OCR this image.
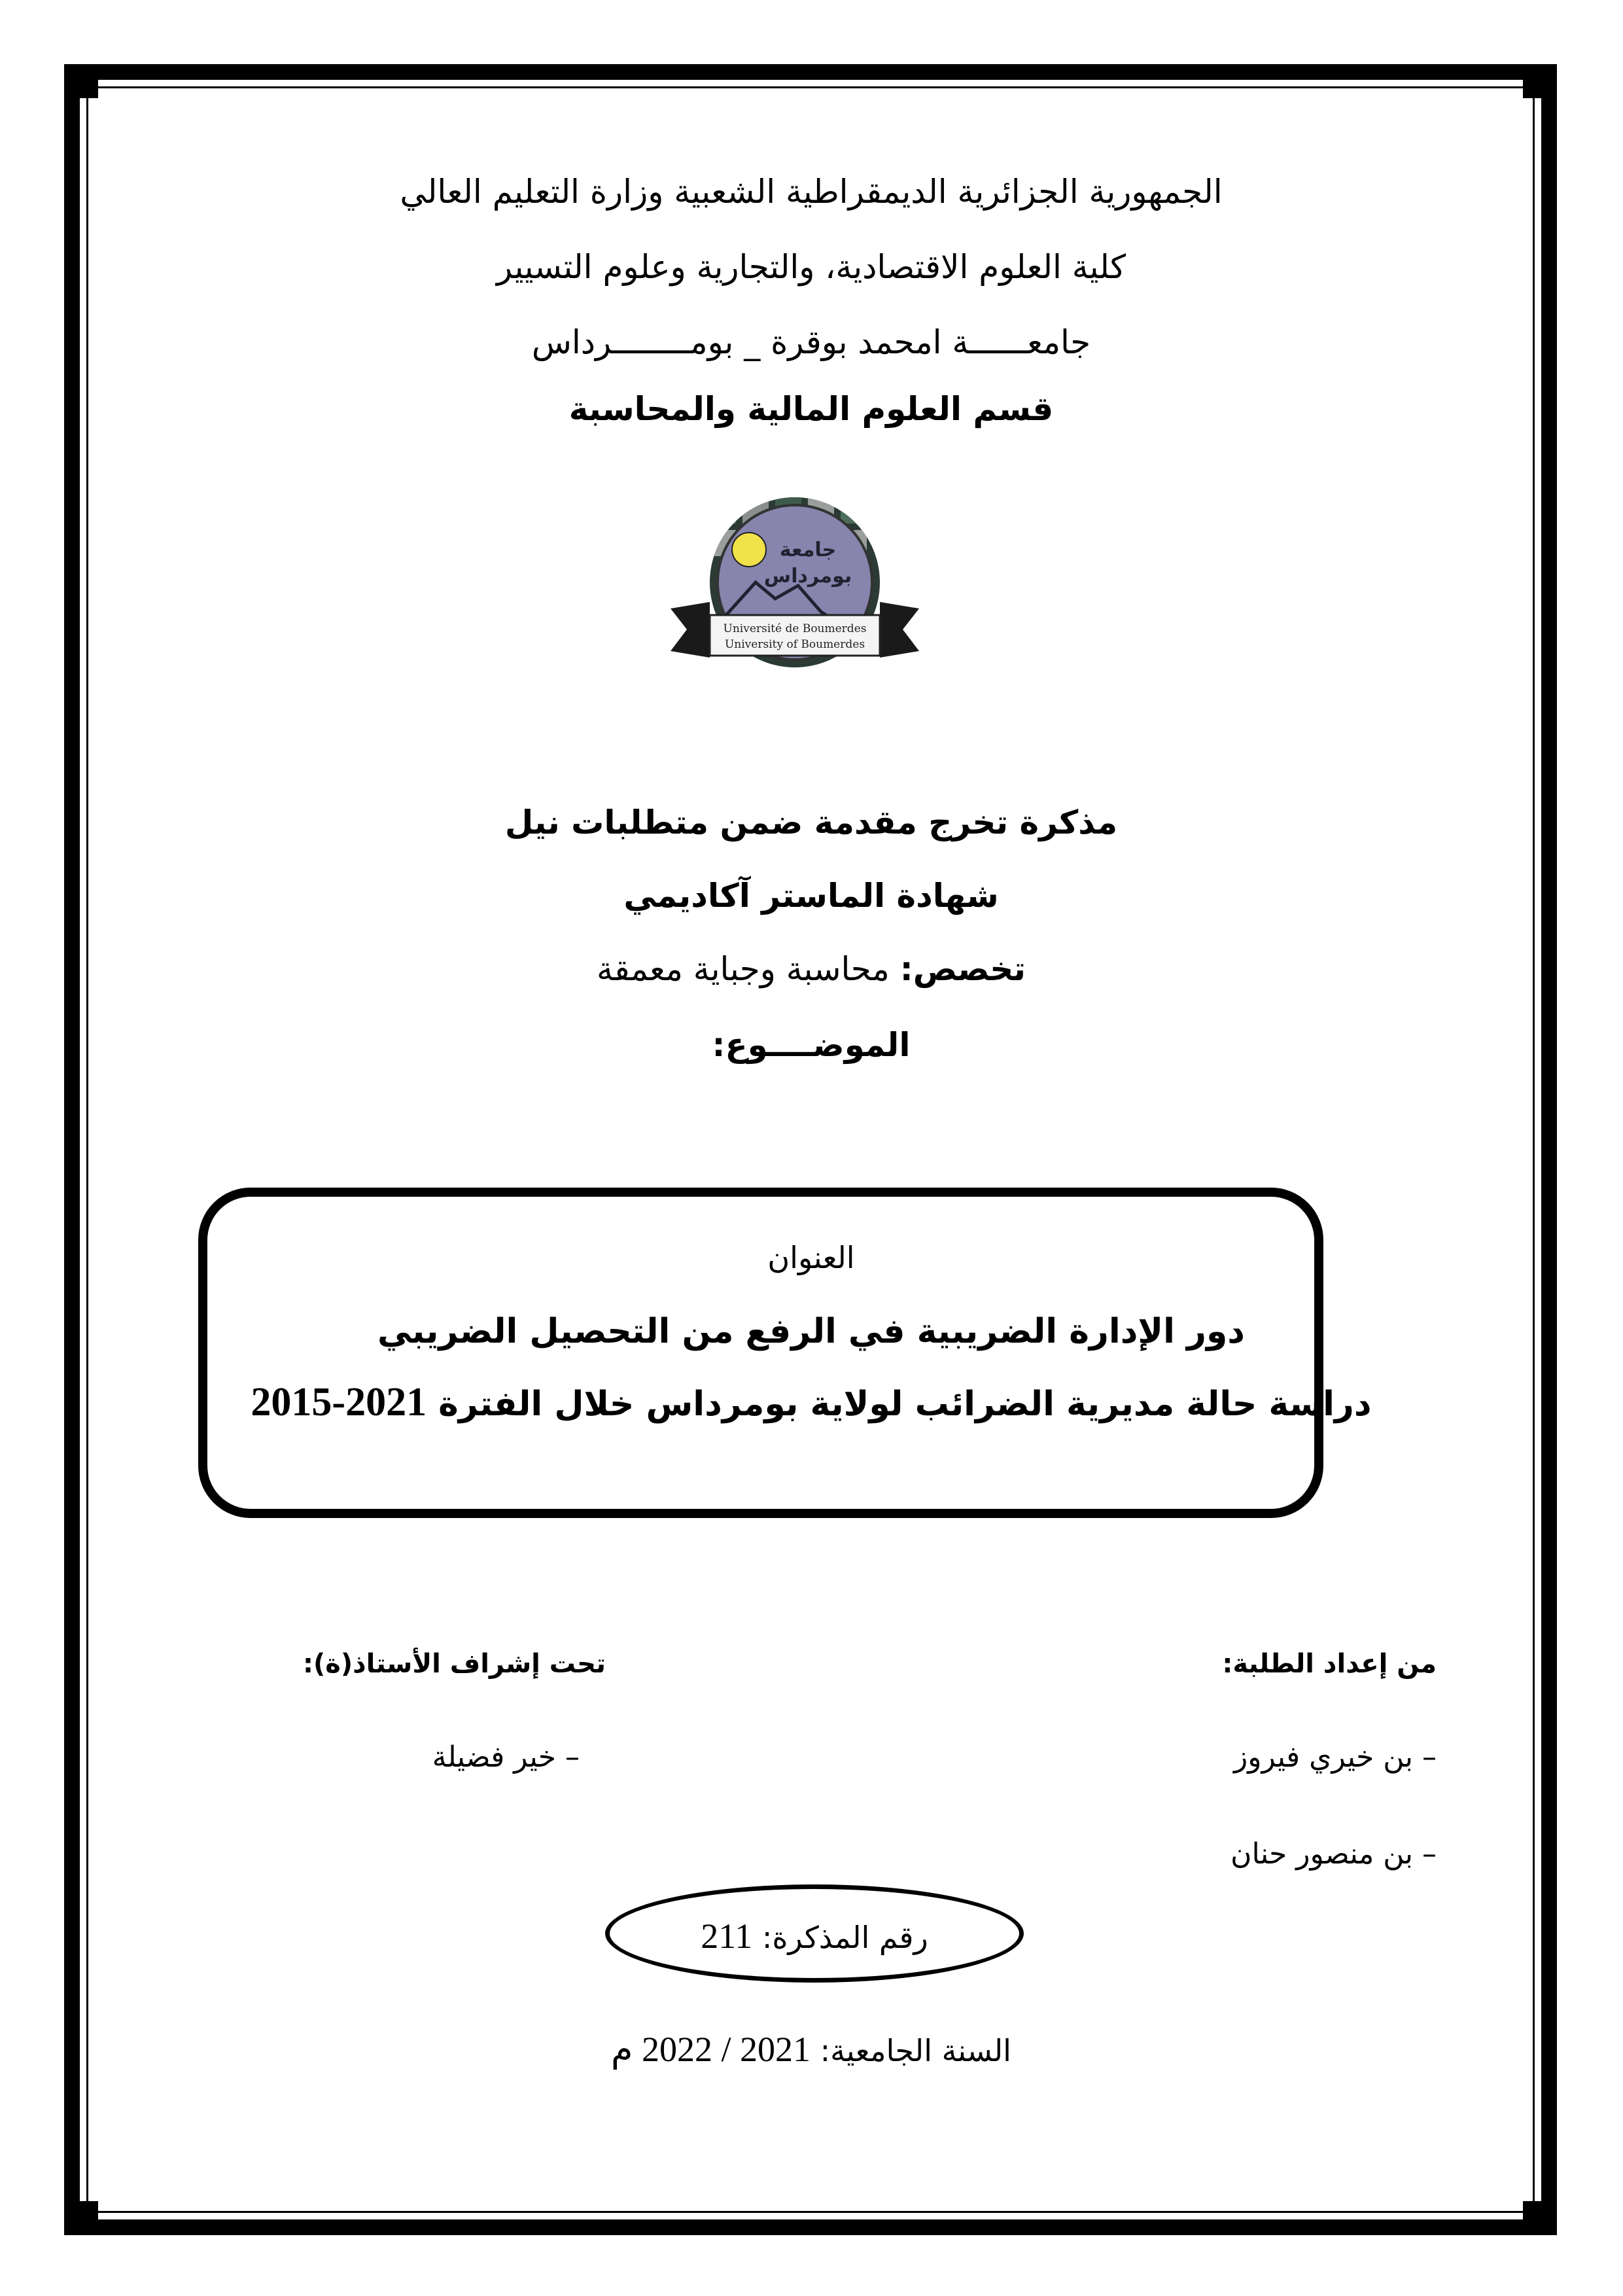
الجمهورية الجزائرية الديمقراطية الشعبية وزارة التعليم العالي
كلية العلوم الاقتصادية، والتجارية وعلوم التسيير
جامعــــــة امحمد بوقرة _ بومــــــــرداس
قسم العلوم المالية والمحاسبة
Université de Boumerdes
University of Boumerdes
جامعة
بومرداس
مذكرة تخرج مقدمة ضمن متطلبات نيل
شهادة الماستر آكاديمي
تخصص: محاسبة وجباية معمقة
الموضــــوع:
العنوان
دور الإدارة الضريبية في الرفع من التحصيل الضريبي
دراسة حالة مديرية الضرائب لولاية بومرداس خلال الفترة 2015-2021
من إعداد الطلبة:
– بن خيري فيروز
– بن منصور حنان
تحت إشراف الأستاذ(ة):
– خير فضيلة
رقم المذكرة: 211
السنة الجامعية: 2021 / 2022 م
